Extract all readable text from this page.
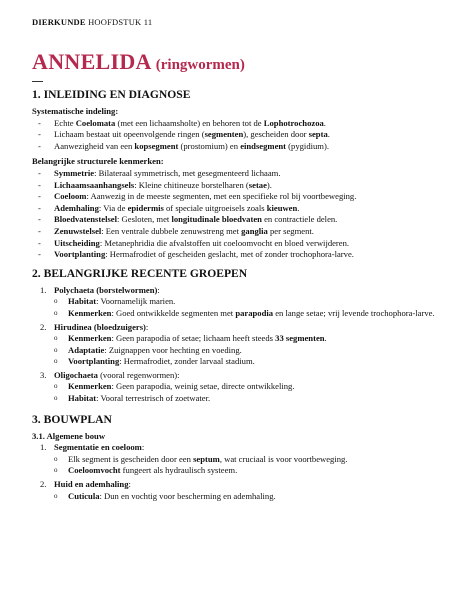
DIERKUNDE HOOFDSTUK 11
ANNELIDA (ringwormen)
1. INLEIDING EN DIAGNOSE

Systematische indeling:

- Echte Coelomata (met een lichaamsholte) en behoren tot de Lophotrochozoa.
- Lichaam bestaat uit opeenvolgende ringen (segmenten), gescheiden door septa.
- Aanwezigheid van een kopsegment (prostomium) en eindsegment (pygidium).

Belangrijke structurele kenmerken:

- Symmetrie: Bilateraal symmetrisch, met gesegmenteerd lichaam.
- Lichaamsaanhangsels: Kleine chitineuze borstelharen (setae).
- Coeloom: Aanwezig in de meeste segmenten, met een specifieke rol bij voortbeweging.
- Ademhaling: Via de epidermis of speciale uitgroeisels zoals kieuwen.
- Bloedvatenstelsel: Gesloten, met longitudinale bloedvaten en contractiele delen.
- Zenuwstelsel: Een ventrale dubbele zenuwstreng met ganglia per segment.
- Uitscheiding: Metanephridia die afvalstoffen uit coeloomvocht en bloed verwijderen.
- Voortplanting: Hermafrodiet of gescheiden geslacht, met of zonder trochophora-larve.
2. BELANGRIJKE RECENTE GROEPEN
1. Polychaeta (borstelwormen):
o Habitat: Voornamelijk marien.
o Kenmerken: Goed ontwikkelde segmenten met parapodia en lange setae; vrij levende trochophora-larve.
2. Hirudinea (bloedzuigers):
o Kenmerken: Geen parapodia of setae; lichaam heeft steeds 33 segmenten.
o Adaptatie: Zuignappen voor hechting en voeding.
o Voortplanting: Hermafrodiet, zonder larvaal stadium.
3. Oligochaeta (vooral regenwormen):
o Kenmerken: Geen parapodia, weinig setae, directe ontwikkeling.
o Habitat: Vooral terrestrisch of zoetwater.
3. BOUWPLAN
3.1. Algemene bouw
1. Segmentatie en coeloom:
o Elk segment is gescheiden door een septum, wat cruciaal is voor voortbeweging.
o Coeloomvocht fungeert als hydraulisch systeem.
2. Huid en ademhaling:
o Cuticula: Dun en vochtig voor bescherming en ademhaling.
